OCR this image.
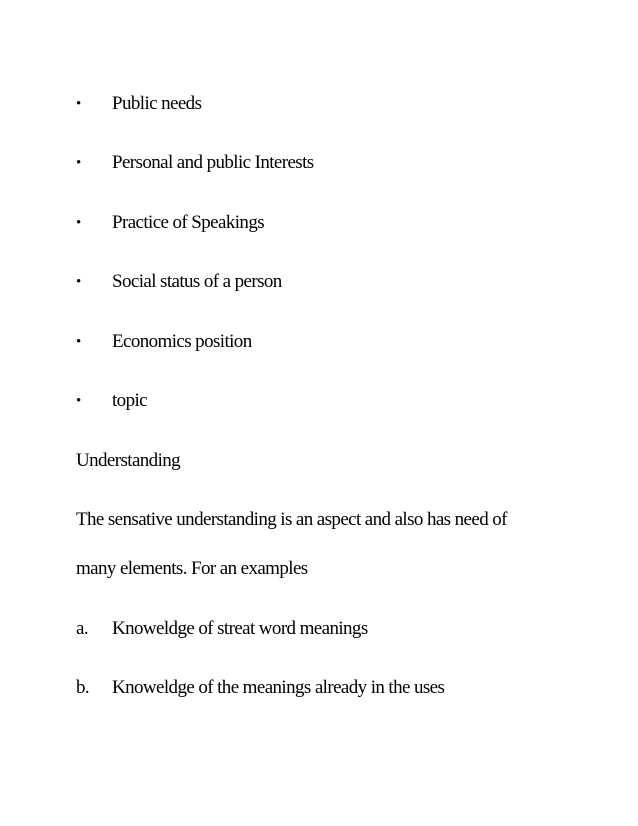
• Public needs
• Personal and public Interests
• Practice of Speakings
• Social status of a person
• Economics position
• topic
Understanding
The sensative understanding is an aspect and also has need of
many elements. For an examples
a. Knoweldge of streat word meanings
b. Knoweldge of the meanings already in the uses
